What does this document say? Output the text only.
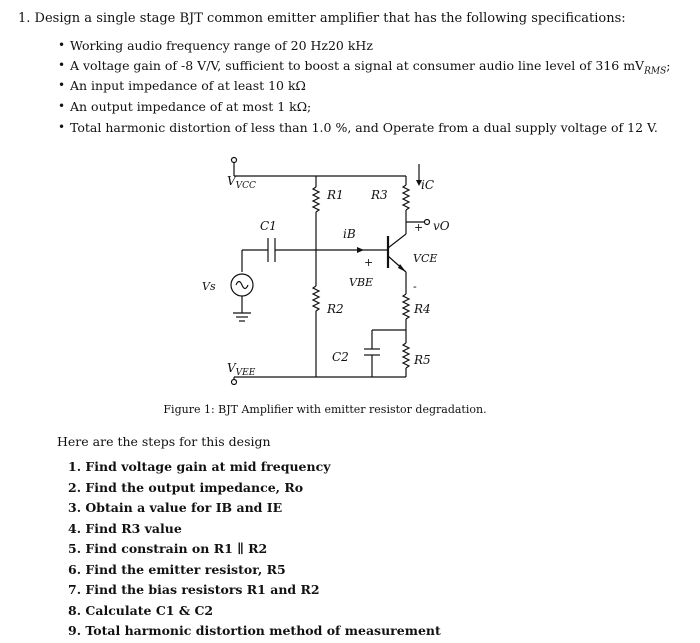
1. Design a single stage BJT common emitter amplifier that has the following specifications:
• Working audio frequency range of 20 Hz20 kHz
• A voltage gain of -8 V/V, sufficient to boost a signal at consumer audio line level of 316 $mV_{RMS}$;
• An input impedance of at least 10 kΩ
• An output impedance of at most 1 kΩ;
• Total harmonic distortion of less than 1.0 %, and Operate from a dual supply voltage of 12 V.
$V_{VCC}$
$V_{VEE}$
Vs
R1
R2
R3
R4
R5
C1
C2
iB
iC
vO
VCE
VBE
+
+
-
Figure 1: BJT Amplifier with emitter resistor degradation.
Here are the steps for this design
1. Find voltage gain at mid frequency
2. Find the output impedance, Ro
3. Obtain a value for IB and IE
4. Find R3 value
5. Find constrain on R1 ∥ R2
6. Find the emitter resistor, R5
7. Find the bias resistors R1 and R2
8. Calculate C1 & C2
9. Total harmonic distortion method of measurement
